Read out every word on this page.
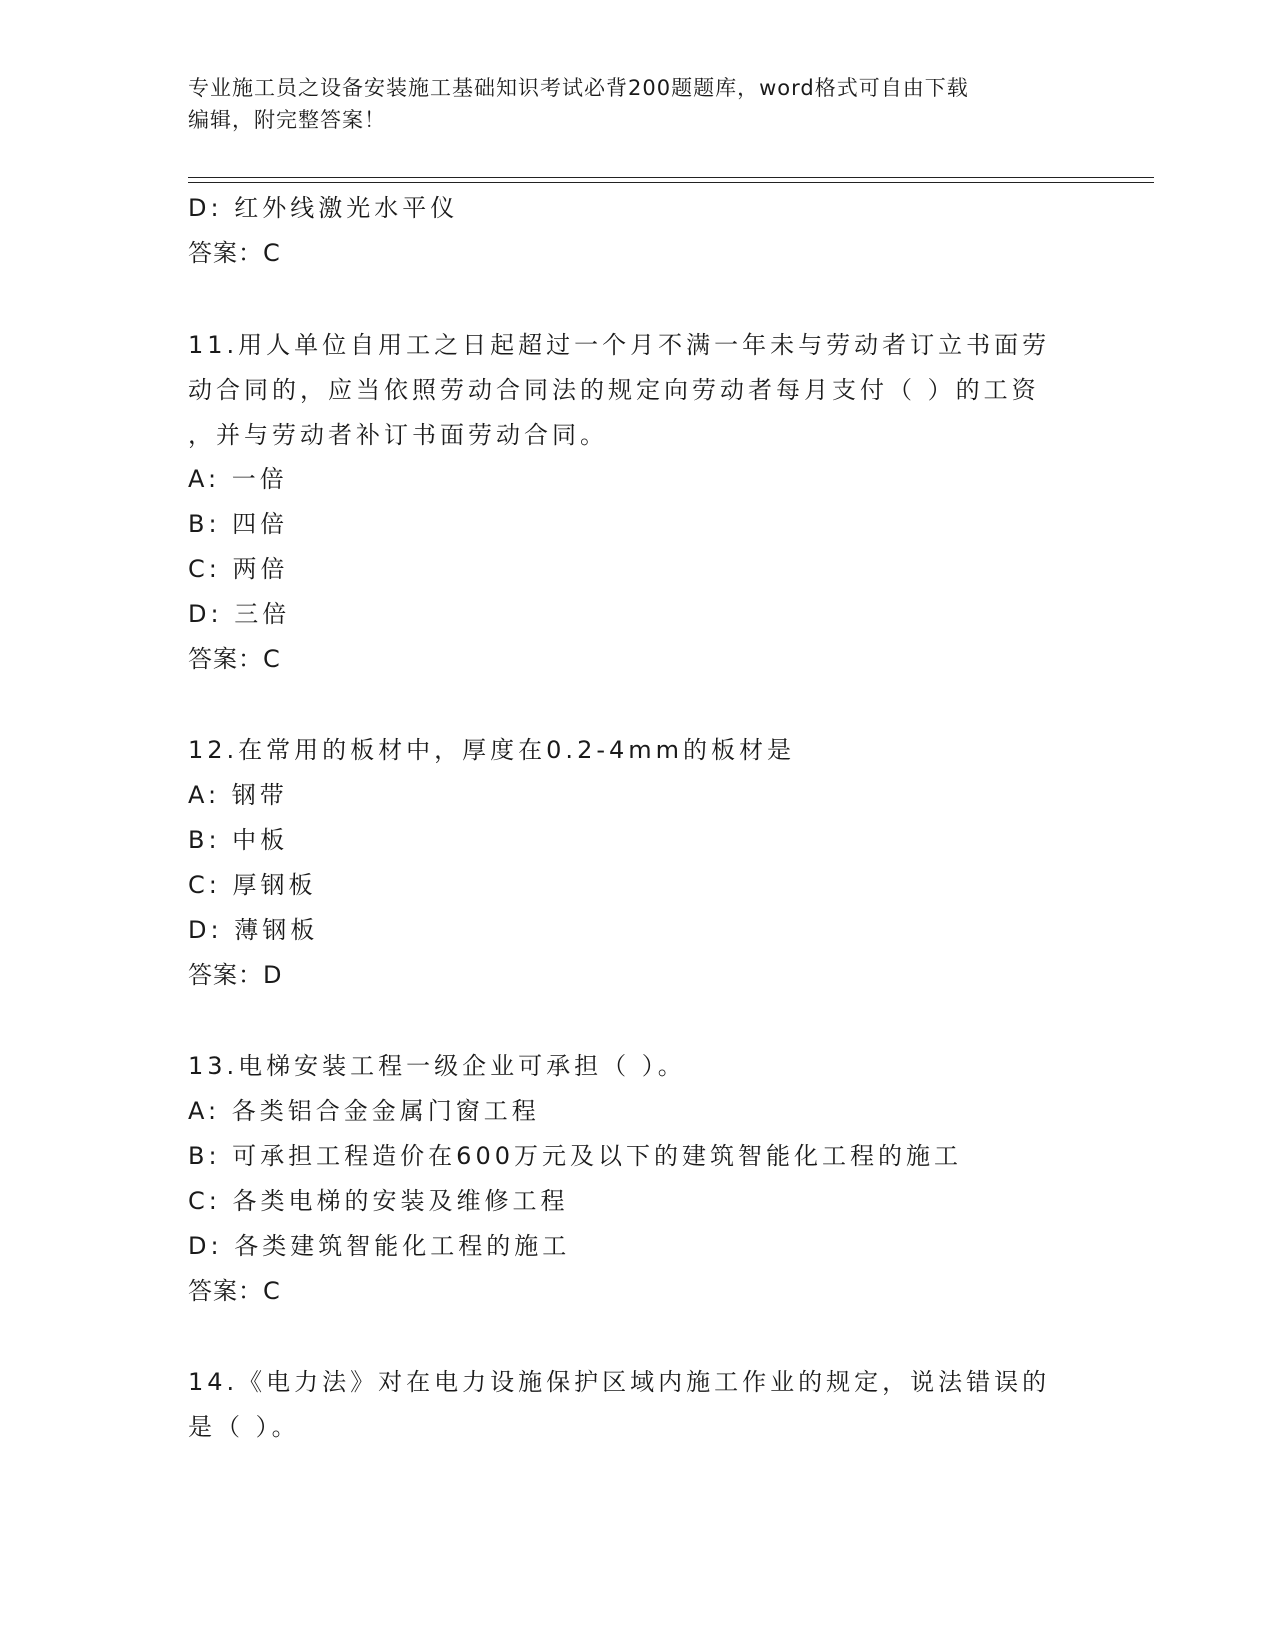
专业施工员之设备安装施工基础知识考试必背200题题库，word格式可自由下载
编辑，附完整答案！
D: 红外线激光水平仪
答案：C
11.用人单位自用工之日起超过一个月不满一年未与劳动者订立书面劳
动合同的，应当依照劳动合同法的规定向劳动者每月支付（ ）的工资
，并与劳动者补订书面劳动合同。
A: 一倍
B: 四倍
C: 两倍
D: 三倍
答案：C
12.在常用的板材中，厚度在0.2-4mm的板材是
A: 钢带
B: 中板
C: 厚钢板
D: 薄钢板
答案：D
13.电梯安装工程一级企业可承担（ ）。
A: 各类铝合金金属门窗工程
B: 可承担工程造价在600万元及以下的建筑智能化工程的施工
C: 各类电梯的安装及维修工程
D: 各类建筑智能化工程的施工
答案：C
14.《电力法》对在电力设施保护区域内施工作业的规定，说法错误的
是（ ）。
